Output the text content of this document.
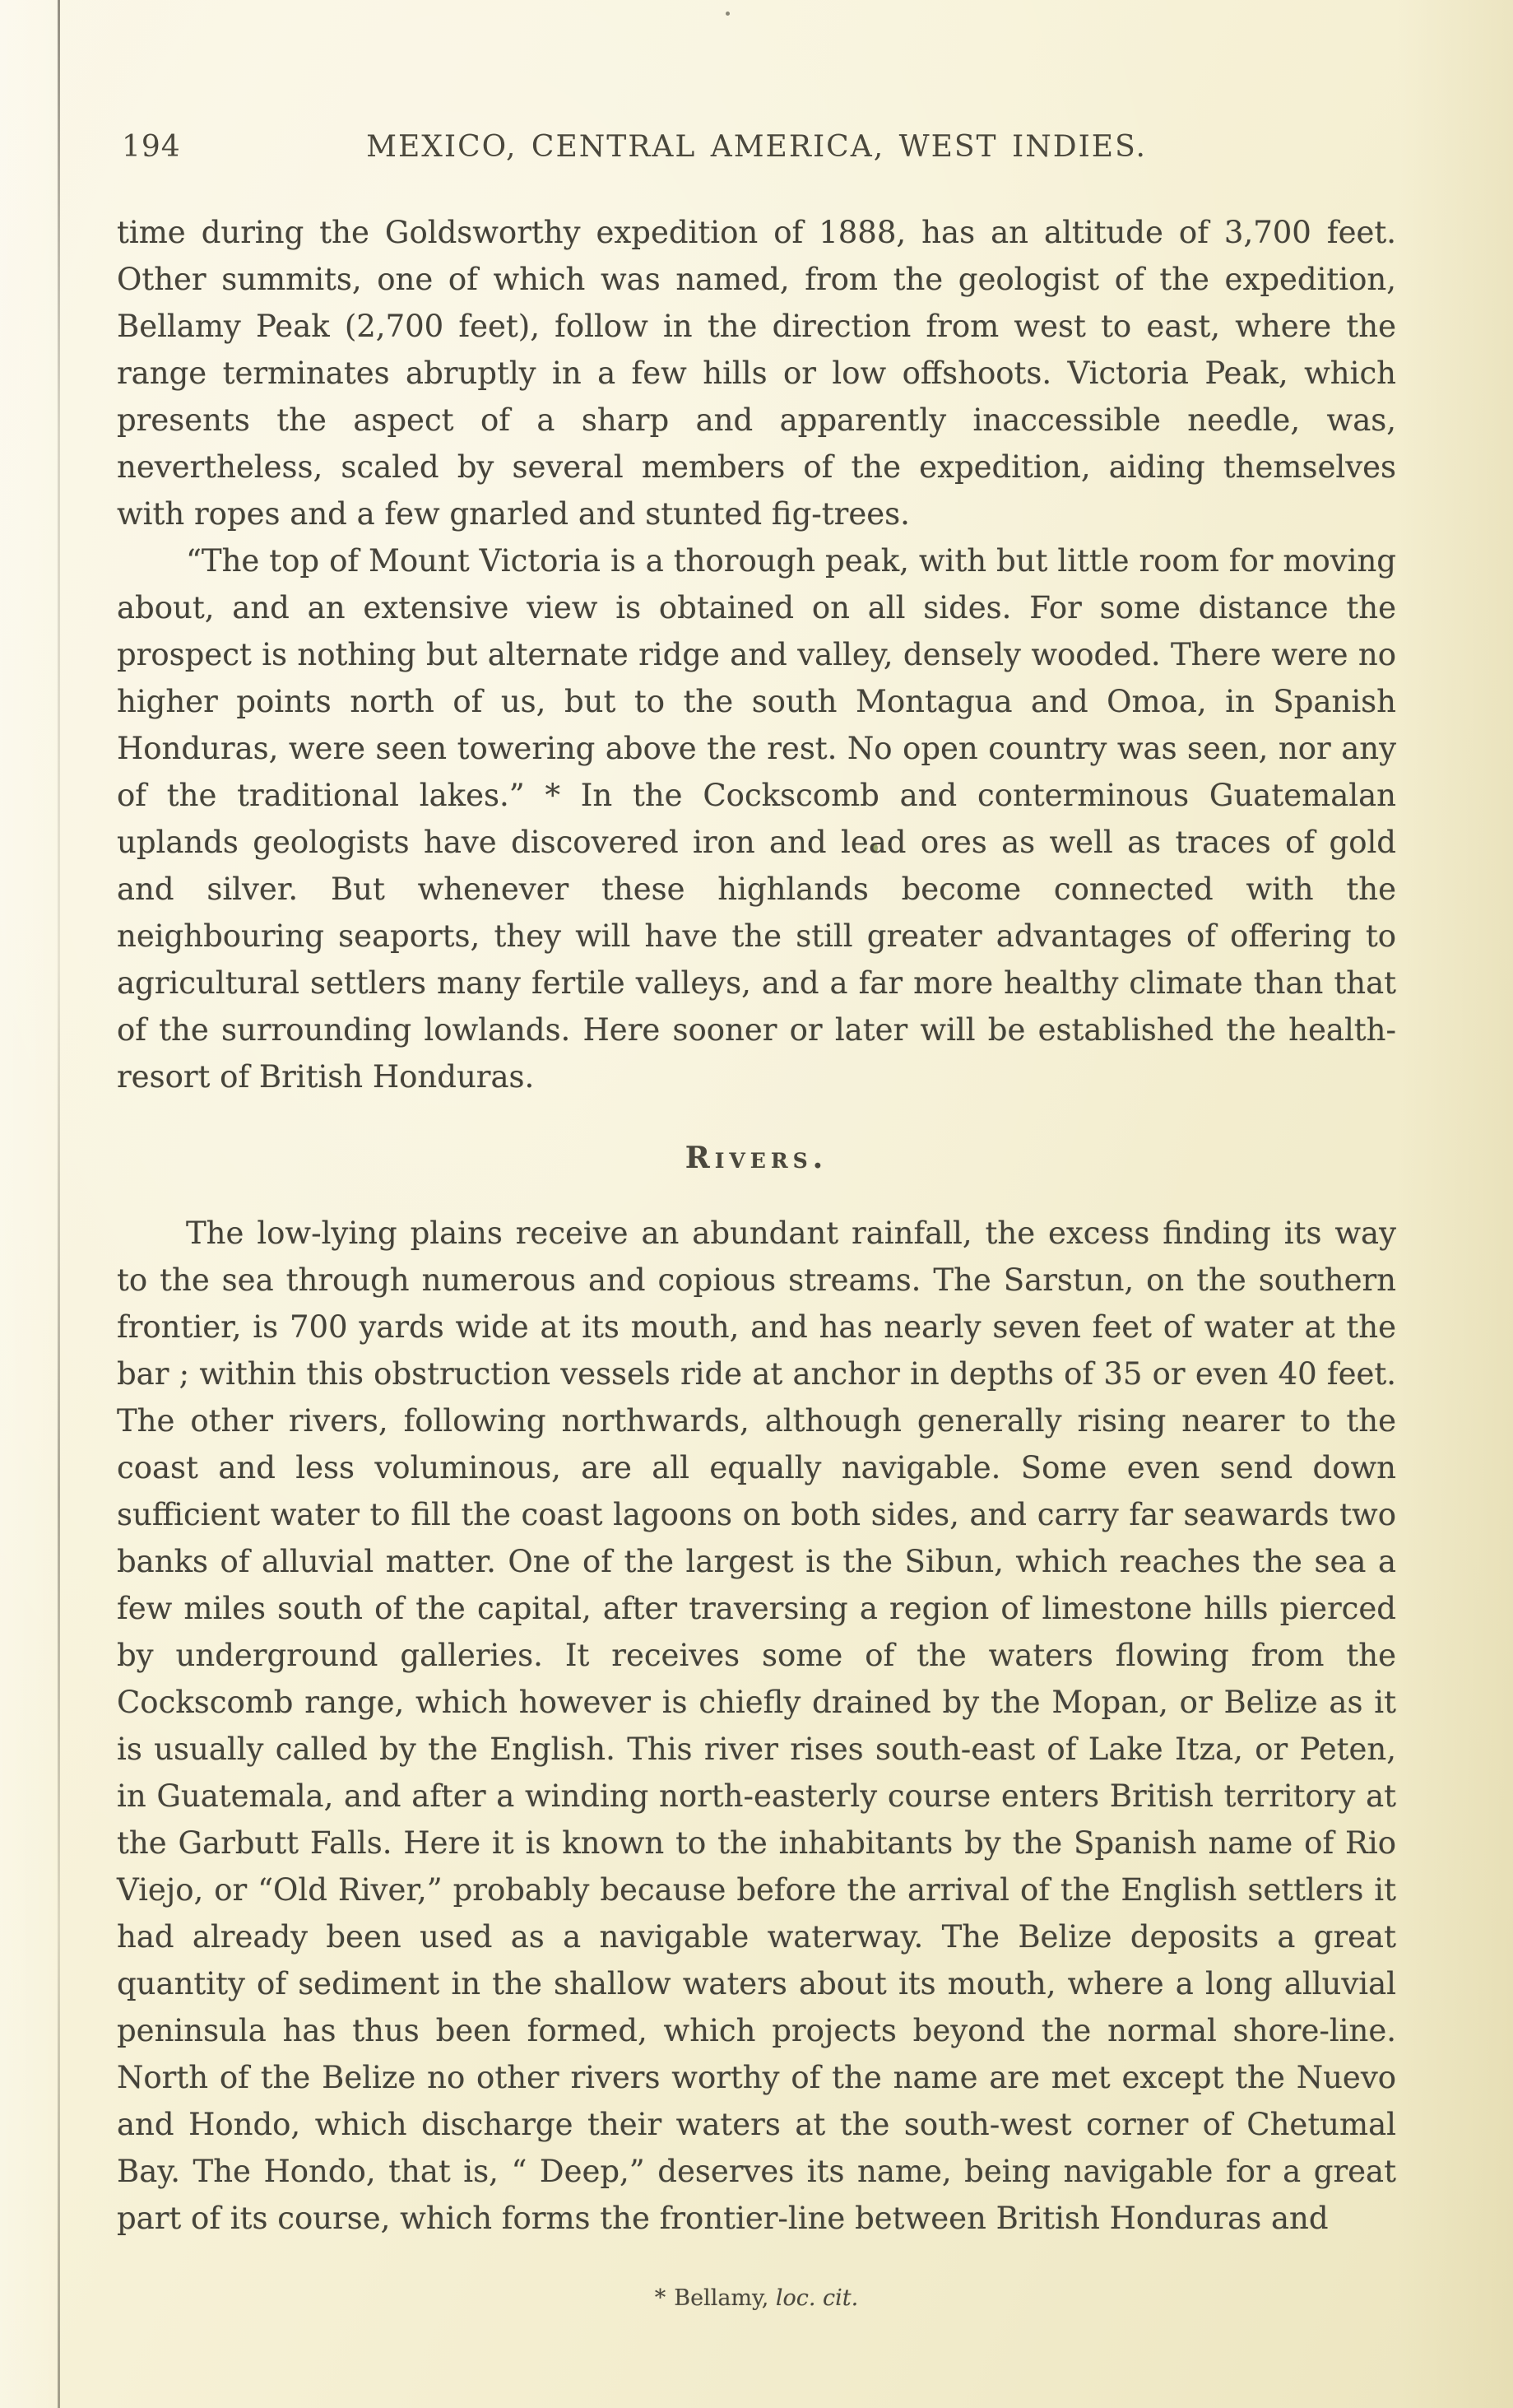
194	MEXICO, CENTRAL AMERICA, WEST INDIES.

time during the Goldsworthy expedition of 1888, has an altitude of 3,700 feet. Other summits, one of which was named, from the geologist of the expedition, Bellamy Peak (2,700 feet), follow in the direction from west to east, where the range terminates abruptly in a few hills or low offshoots. Victoria Peak, which presents the aspect of a sharp and apparently inaccessible needle, was, nevertheless, scaled by several members of the expedition, aiding themselves with ropes and a few gnarled and stunted fig-trees.

“The top of Mount Victoria is a thorough peak, with but little room for moving about, and an extensive view is obtained on all sides. For some distance the prospect is nothing but alternate ridge and valley, densely wooded. There were no higher points north of us, but to the south Montagua and Omoa, in Spanish Honduras, were seen towering above the rest. No open country was seen, nor any of the traditional lakes.” * In the Cockscomb and conterminous Guatemalan uplands geologists have discovered iron and lead ores as well as traces of gold and silver. But whenever these highlands become connected with the neighbouring seaports, they will have the still greater advantages of offering to agricultural settlers many fertile valleys, and a far more healthy climate than that of the surrounding lowlands. Here sooner or later will be established the health-resort of British Honduras.

Rivers.

The low-lying plains receive an abundant rainfall, the excess finding its way to the sea through numerous and copious streams. The Sarstun, on the southern frontier, is 700 yards wide at its mouth, and has nearly seven feet of water at the bar ; within this obstruction vessels ride at anchor in depths of 35 or even 40 feet. The other rivers, following northwards, although generally rising nearer to the coast and less voluminous, are all equally navigable. Some even send down sufficient water to fill the coast lagoons on both sides, and carry far seawards two banks of alluvial matter. One of the largest is the Sibun, which reaches the sea a few miles south of the capital, after traversing a region of limestone hills pierced by underground galleries. It receives some of the waters flowing from the Cockscomb range, which however is chiefly drained by the Mopan, or Belize as it is usually called by the English. This river rises south-east of Lake Itza, or Peten, in Guatemala, and after a winding north-easterly course enters British territory at the Garbutt Falls. Here it is known to the inhabitants by the Spanish name of Rio Viejo, or “Old River,” probably because before the arrival of the English settlers it had already been used as a navigable waterway. The Belize deposits a great quantity of sediment in the shallow waters about its mouth, where a long alluvial peninsula has thus been formed, which projects beyond the normal shore-line. North of the Belize no other rivers worthy of the name are met except the Nuevo and Hondo, which discharge their waters at the south-west corner of Chetumal Bay. The Hondo, that is, “ Deep,” deserves its name, being navigable for a great part of its course, which forms the frontier-line between British Honduras and

* Bellamy, loc. cit.
